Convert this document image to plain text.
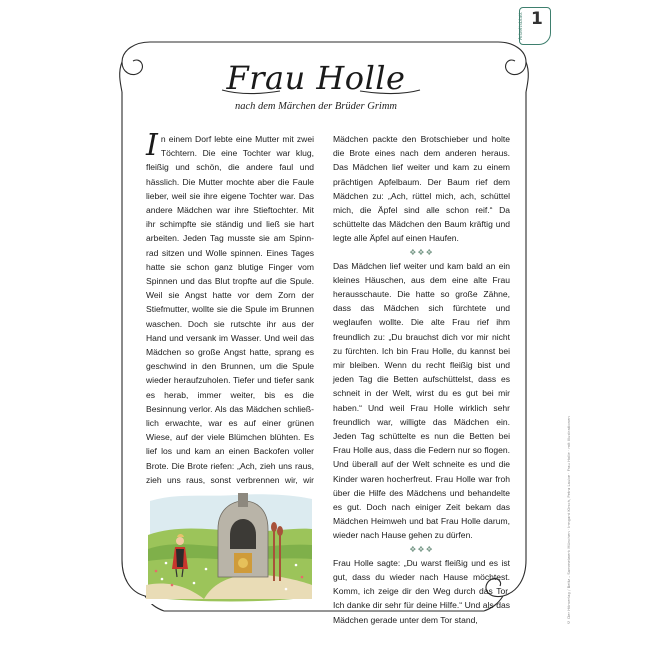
Arbeitsblatt 1
© Der Hörverlag / Beltz – Sammelwerk München · Irmgard Kirsch, Petra Laube · Frau Holle · mit Illustrationen
Frau Holle
nach dem Märchen der Brüder Grimm

In einem Dorf lebte eine Mutter mit zwei Töchtern. Die eine Tochter war klug, fleißig und schön, die andere faul und hässlich. Die Mutter mochte aber die Faule lieber, weil sie ihre eigene Tochter war. Das andere Mädchen war ihre Stieftochter. Mit ihr schimpfte sie ständig und ließ sie hart arbeiten. Jeden Tag musste sie am Spinnrad sitzen und Wolle spinnen. Eines Tages hatte sie schon ganz blutige Finger vom Spinnen und das Blut tropfte auf die Spule. Weil sie Angst hatte vor dem Zorn der Stiefmutter, wollte sie die Spule im Brunnen waschen. Doch sie rutschte ihr aus der Hand und versank im Wasser. Und weil das Mädchen so große Angst hatte, sprang es geschwind in den Brunnen, um die Spule wieder heraufzuholen. Tiefer und tiefer sank es herab, immer weiter, bis es die Besinnung verlor. Als das Mädchen schließlich erwachte, war es auf einer grünen Wiese, auf der viele Blümchen blühten. Es lief los und kam an einen Backofen voller Brote. Die Brote riefen: „Ach, zieh uns raus, zieh uns raus, sonst verbrennen wir, wir

Mädchen packte den Brotschieber und holte die Brote eines nach dem anderen heraus. Das Mädchen lief weiter und kam zu einem prächtigen Apfelbaum. Der Baum rief dem Mädchen zu: „Ach, rüttel mich, ach, schüttel mich, die Äpfel sind alle schon reif.“ Da schüttelte das Mädchen den Baum kräftig und legte alle Äpfel auf einen Haufen.

❖❖❖

Das Mädchen lief weiter und kam bald an ein kleines Häuschen, aus dem eine alte Frau herausschaute. Die hatte so große Zähne, dass das Mädchen sich fürchtete und weglaufen wollte. Die alte Frau rief ihm freundlich zu: „Du brauchst dich vor mir nicht zu fürchten. Ich bin Frau Holle, du kannst bei mir bleiben. Wenn du recht fleißig bist und jeden Tag die Betten aufschüttelst, dass es schneit in der Welt, wirst du es gut bei mir haben.“ Und weil Frau Holle wirklich sehr freundlich war, willigte das Mädchen ein. Jeden Tag schüttelte es nun die Betten bei Frau Holle aus, dass die Federn nur so flogen. Und überall auf der Welt schneite es und die Kinder waren hocherfreut. Frau Holle war froh über die Hilfe des Mädchens und behandelte es gut. Doch nach einiger Zeit bekam das Mädchen Heimweh und bat Frau Holle darum, wieder nach Hause gehen zu dürfen.

❖❖❖

Frau Holle sagte: „Du warst fleißig und es ist gut, dass du wieder nach Hause möchtest. Komm, ich zeige dir den Weg durch das Tor. Ich danke dir sehr für deine Hilfe.“ Und als das Mädchen gerade unter dem Tor stand,
